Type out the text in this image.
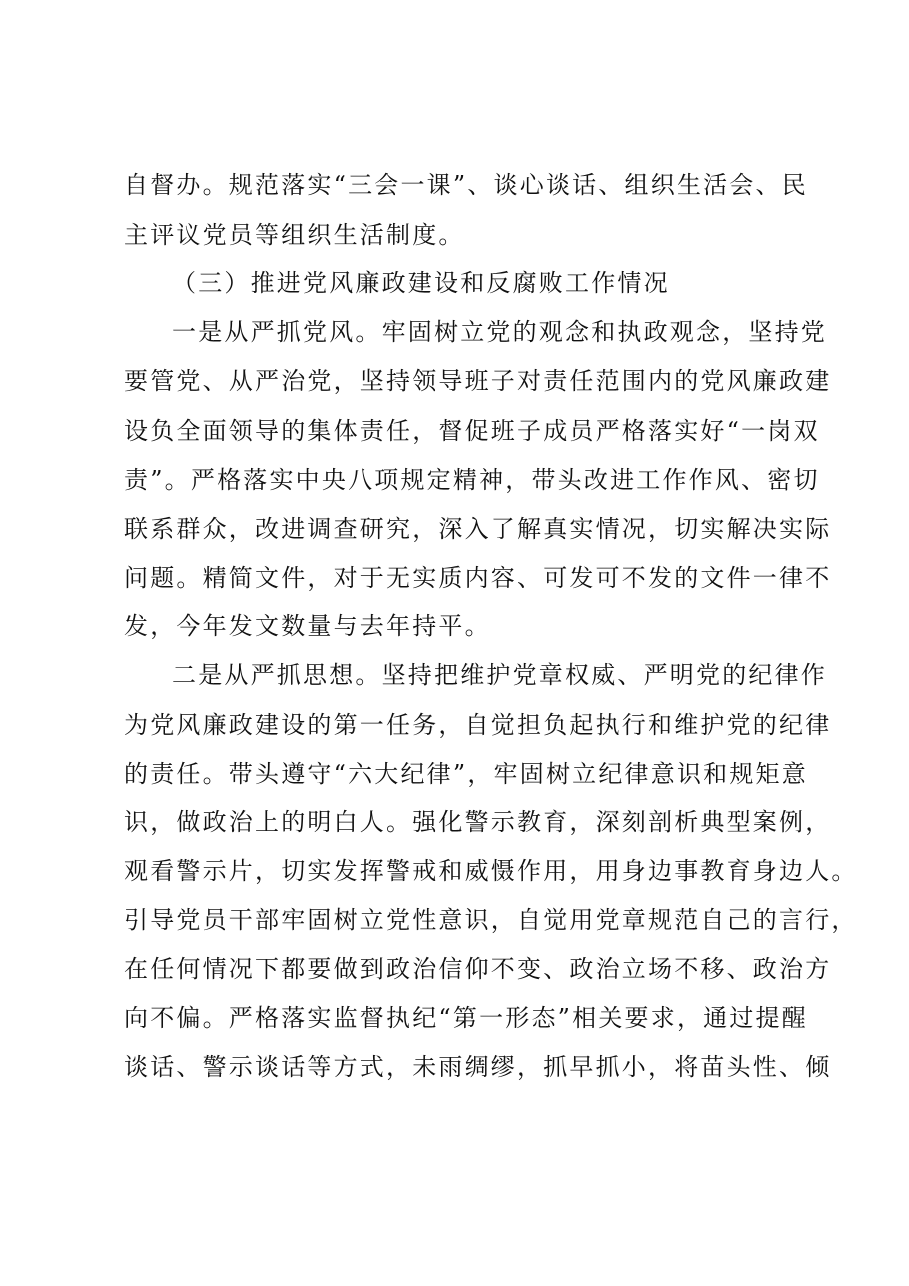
自督办。规范落实“三会一课”、谈心谈话、组织生活会、民
主评议党员等组织生活制度。
（三）推进党风廉政建设和反腐败工作情况
一是从严抓党风。牢固树立党的观念和执政观念，坚持党
要管党、从严治党，坚持领导班子对责任范围内的党风廉政建
设负全面领导的集体责任，督促班子成员严格落实好“一岗双
责”。严格落实中央八项规定精神，带头改进工作作风、密切
联系群众，改进调查研究，深入了解真实情况，切实解决实际
问题。精简文件，对于无实质内容、可发可不发的文件一律不
发，今年发文数量与去年持平。
二是从严抓思想。坚持把维护党章权威、严明党的纪律作
为党风廉政建设的第一任务，自觉担负起执行和维护党的纪律
的责任。带头遵守“六大纪律”，牢固树立纪律意识和规矩意
识，做政治上的明白人。强化警示教育，深刻剖析典型案例，
观看警示片，切实发挥警戒和威慑作用，用身边事教育身边人。
引导党员干部牢固树立党性意识，自觉用党章规范自己的言行，
在任何情况下都要做到政治信仰不变、政治立场不移、政治方
向不偏。严格落实监督执纪“第一形态”相关要求，通过提醒
谈话、警示谈话等方式，未雨绸缪，抓早抓小，将苗头性、倾
